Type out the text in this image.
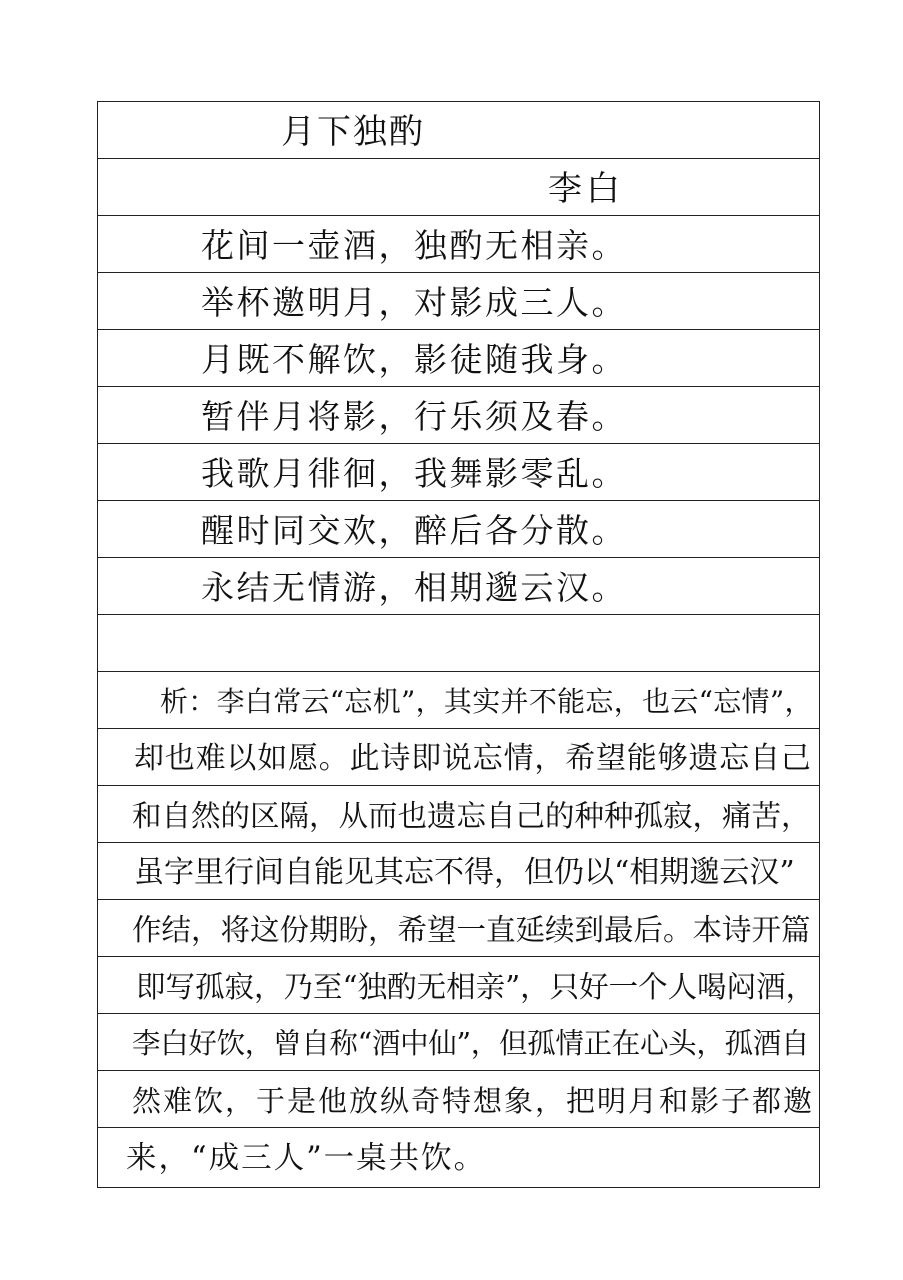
月下独酌
李白
花间一壶酒，独酌无相亲。
举杯邀明月，对影成三人。
月既不解饮，影徒随我身。
暂伴月将影，行乐须及春。
我歌月徘徊，我舞影零乱。
醒时同交欢，醉后各分散。
永结无情游，相期邈云汉。
析：李白常云“忘机”，其实并不能忘，也云“忘情”，
却也难以如愿。此诗即说忘情，希望能够遗忘自己
和自然的区隔，从而也遗忘自己的种种孤寂，痛苦，
虽字里行间自能见其忘不得，但仍以“相期邈云汉”
作结，将这份期盼，希望一直延续到最后。本诗开篇
即写孤寂，乃至“独酌无相亲”，只好一个人喝闷酒，
李白好饮，曾自称“酒中仙”，但孤情正在心头，孤酒自
然难饮，于是他放纵奇特想象，把明月和影子都邀
来，“成三人”一桌共饮。
